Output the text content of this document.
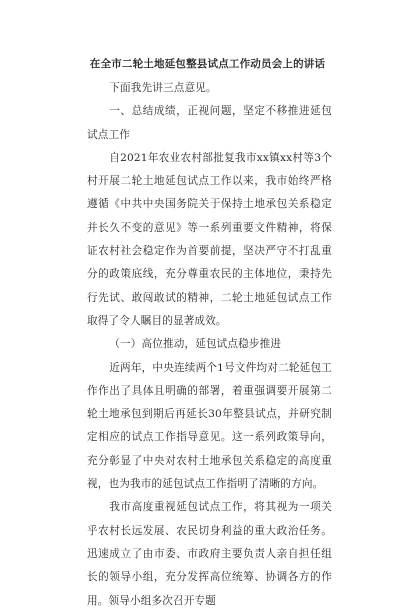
在全市二轮土地延包整县试点工作动员会上的讲话

下面我先讲三点意见。

一、总结成绩，正视问题，坚定不移推进延包试点工作

自2021年农业农村部批复我市xx镇xx村等3个村开展二轮土地延包试点工作以来，我市始终严格遵循《中共中央国务院关于保持土地承包关系稳定并长久不变的意见》等一系列重要文件精神，将保证农村社会稳定作为首要前提，坚决严守不打乱重分的政策底线，充分尊重农民的主体地位，秉持先行先试、敢闯敢试的精神，二轮土地延包试点工作取得了令人瞩目的显著成效。

（一）高位推动，延包试点稳步推进

近两年，中央连续两个1号文件均对二轮延包工作作出了具体且明确的部署，着重强调要开展第二轮土地承包到期后再延长30年整县试点，并研究制定相应的试点工作指导意见。这一系列政策导向，充分彰显了中央对农村土地承包关系稳定的高度重视，也为我市的延包试点工作指明了清晰的方向。

我市高度重视延包试点工作，将其视为一项关乎农村长远发展、农民切身利益的重大政治任务。迅速成立了由市委、市政府主要负责人亲自担任组长的领导小组，充分发挥高位统筹、协调各方的作用。领导小组多次召开专题
